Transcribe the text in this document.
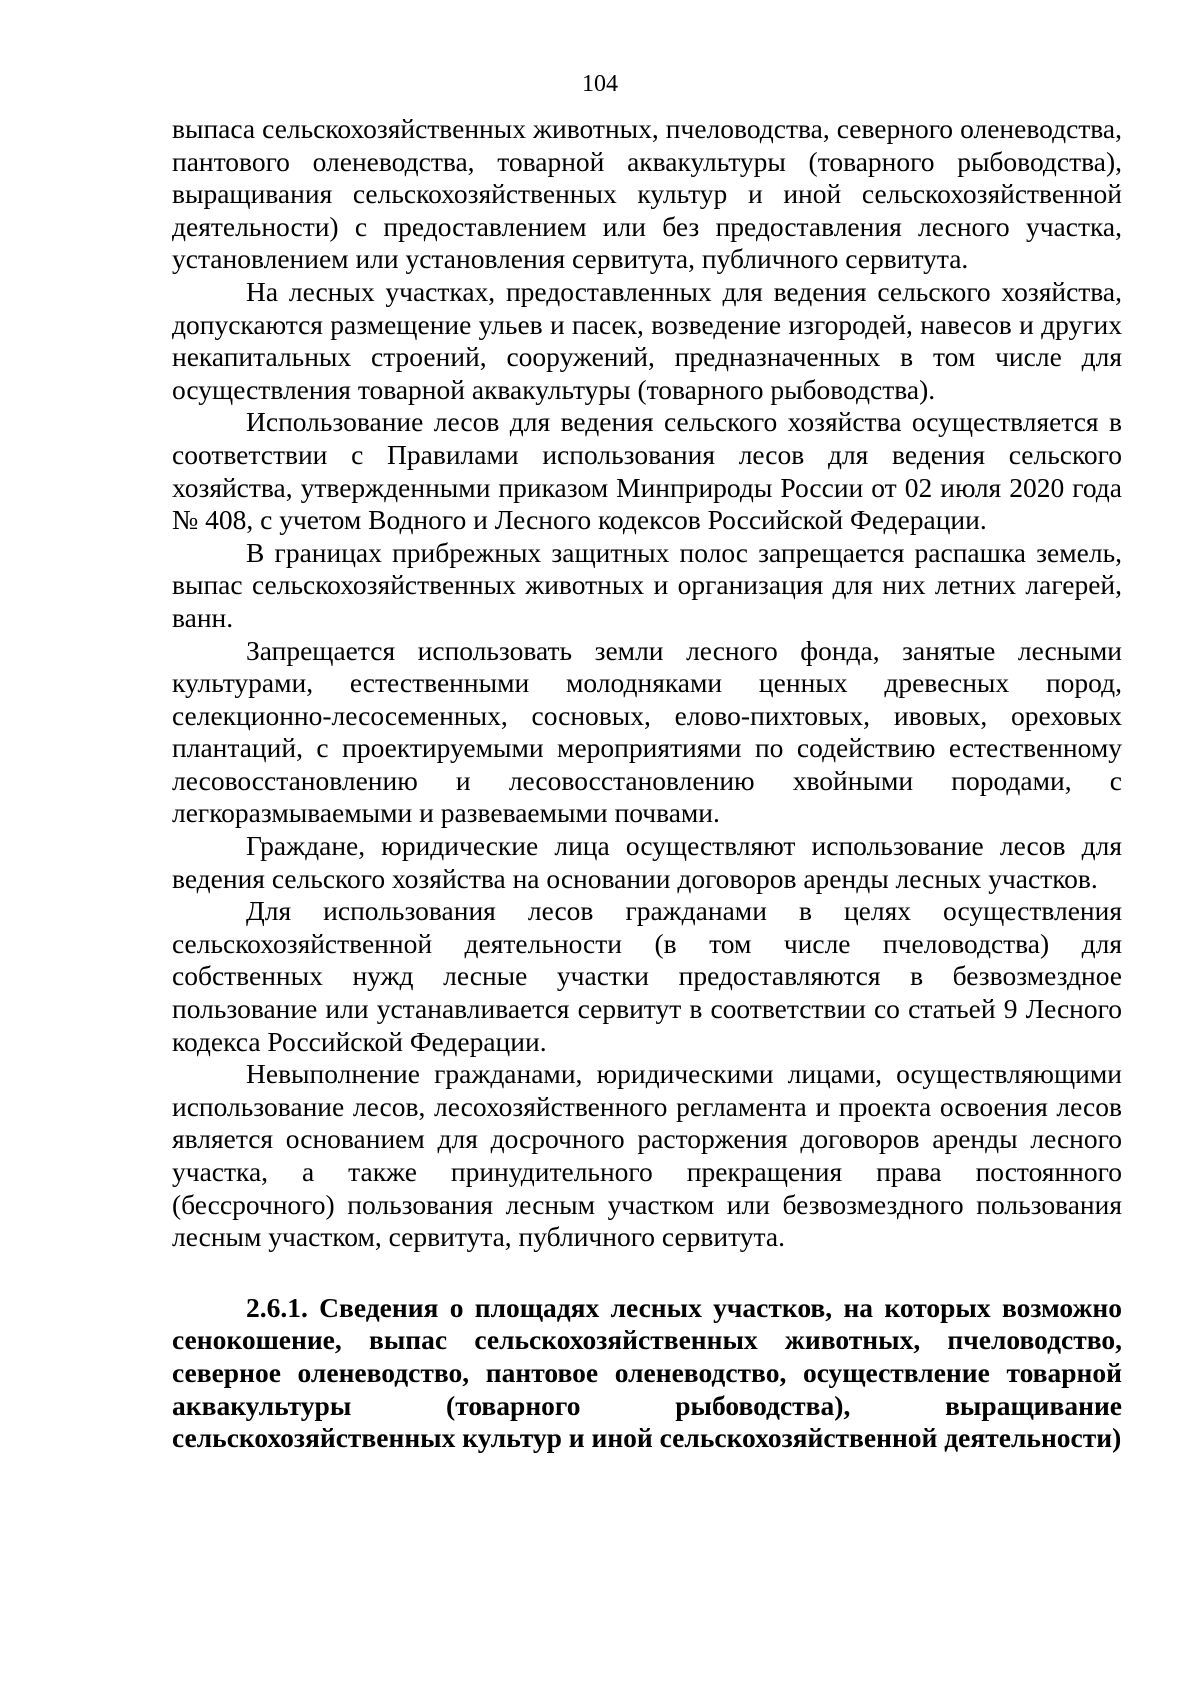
104

выпаса сельскохозяйственных животных, пчеловодства, северного оленеводства, пантового оленеводства, товарной аквакультуры (товарного рыбоводства), выращивания сельскохозяйственных культур и иной сельскохозяйственной деятельности) с предоставлением или без предоставления лесного участка, установлением или установления сервитута, публичного сервитута.

На лесных участках, предоставленных для ведения сельского хозяйства, допускаются размещение ульев и пасек, возведение изгородей, навесов и других некапитальных строений, сооружений, предназначенных в том числе для осуществления товарной аквакультуры (товарного рыбоводства).

Использование лесов для ведения сельского хозяйства осуществляется в соответствии с Правилами использования лесов для ведения сельского хозяйства, утвержденными приказом Минприроды России от 02 июля 2020 года № 408, с учетом Водного и Лесного кодексов Российской Федерации.

В границах прибрежных защитных полос запрещается распашка земель, выпас сельскохозяйственных животных и организация для них летних лагерей, ванн.

Запрещается использовать земли лесного фонда, занятые лесными культурами, естественными молодняками ценных древесных пород, селекционно-лесосеменных, сосновых, елово-пихтовых, ивовых, ореховых плантаций, с проектируемыми мероприятиями по содействию естественному лесовосстановлению и лесовосстановлению хвойными породами, с легкоразмываемыми и развеваемыми почвами.

Граждане, юридические лица осуществляют использование лесов для ведения сельского хозяйства на основании договоров аренды лесных участков.

Для использования лесов гражданами в целях осуществления сельскохозяйственной деятельности (в том числе пчеловодства) для собственных нужд лесные участки предоставляются в безвозмездное пользование или устанавливается сервитут в соответствии со статьей 9 Лесного кодекса Российской Федерации.

Невыполнение гражданами, юридическими лицами, осуществляющими использование лесов, лесохозяйственного регламента и проекта освоения лесов является основанием для досрочного расторжения договоров аренды лесного участка, а также принудительного прекращения права постоянного (бессрочного) пользования лесным участком или безвозмездного пользования лесным участком, сервитута, публичного сервитута.

2.6.1. Сведения о площадях лесных участков, на которых возможно сенокошение, выпас сельскохозяйственных животных, пчеловодство, северное оленеводство, пантовое оленеводство, осуществление товарной аквакультуры (товарного рыбоводства), выращивание сельскохозяйственных культур и иной сельскохозяйственной деятельности)
